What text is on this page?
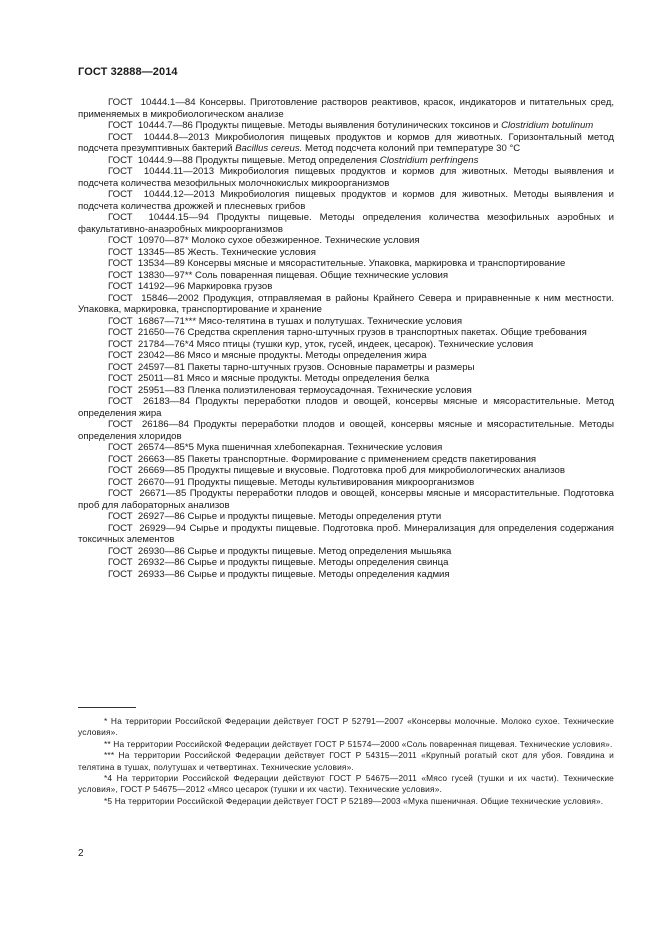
ГОСТ 32888—2014
ГОСТ  10444.1—84 Консервы. Приготовление растворов реактивов, красок, индикаторов и питательных сред, применяемых в микробиологическом анализе
ГОСТ  10444.7—86 Продукты пищевые. Методы выявления ботулинических токсинов и Clostridium botulinum
ГОСТ  10444.8—2013 Микробиология пищевых продуктов и кормов для животных. Горизонтальный метод подсчета презумптивных бактерий Bacillus cereus. Метод подсчета колоний при температуре 30 °С
ГОСТ  10444.9—88 Продукты пищевые. Метод определения Clostridium perfringens
ГОСТ  10444.11—2013 Микробиология пищевых продуктов и кормов для животных. Методы выявления и подсчета количества мезофильных молочнокислых микроорганизмов
ГОСТ  10444.12—2013 Микробиология пищевых продуктов и кормов для животных. Методы выявления и подсчета количества дрожжей и плесневых грибов
ГОСТ  10444.15—94 Продукты пищевые. Методы определения количества мезофильных аэробных и факультативно-анаэробных микроорганизмов
ГОСТ  10970—87* Молоко сухое обезжиренное. Технические условия
ГОСТ  13345—85 Жесть. Технические условия
ГОСТ  13534—89 Консервы мясные и мясорастительные. Упаковка, маркировка и транспортирование
ГОСТ  13830—97** Соль поваренная пищевая. Общие технические условия
ГОСТ  14192—96 Маркировка грузов
ГОСТ  15846—2002 Продукция, отправляемая в районы Крайнего Севера и приравненные к ним местности. Упаковка, маркировка, транспортирование и хранение
ГОСТ  16867—71*** Мясо-телятина в тушах и полутушах. Технические условия
ГОСТ  21650—76 Средства скрепления тарно-штучных грузов в транспортных пакетах. Общие требования
ГОСТ  21784—76*4 Мясо птицы (тушки кур, уток, гусей, индеек, цесарок). Технические условия
ГОСТ  23042—86 Мясо и мясные продукты. Методы определения жира
ГОСТ  24597—81 Пакеты тарно-штучных грузов. Основные параметры и размеры
ГОСТ  25011—81 Мясо и мясные продукты. Методы определения белка
ГОСТ  25951—83 Пленка полиэтиленовая термоусадочная. Технические условия
ГОСТ  26183—84 Продукты переработки плодов и овощей, консервы мясные и мясорастительные. Метод определения жира
ГОСТ  26186—84 Продукты переработки плодов и овощей, консервы мясные и мясорастительные. Методы определения хлоридов
ГОСТ  26574—85*5 Мука пшеничная хлебопекарная. Технические условия
ГОСТ  26663—85 Пакеты транспортные. Формирование с применением средств пакетирования
ГОСТ  26669—85 Продукты пищевые и вкусовые. Подготовка проб для микробиологических анализов
ГОСТ  26670—91 Продукты пищевые. Методы культивирования микроорганизмов
ГОСТ  26671—85 Продукты переработки плодов и овощей, консервы мясные и мясорастительные. Подготовка проб для лабораторных анализов
ГОСТ  26927—86 Сырье и продукты пищевые. Методы определения ртути
ГОСТ  26929—94 Сырье и продукты пищевые. Подготовка проб. Минерализация для определения содержания токсичных элементов
ГОСТ  26930—86 Сырье и продукты пищевые. Метод определения мышьяка
ГОСТ  26932—86 Сырье и продукты пищевые. Методы определения свинца
ГОСТ  26933—86 Сырье и продукты пищевые. Методы определения кадмия
* На территории Российской Федерации действует ГОСТ Р 52791—2007 «Консервы молочные. Молоко сухое. Технические условия».
** На территории Российской Федерации действует ГОСТ Р 51574—2000 «Соль поваренная пищевая. Технические условия».
*** На территории Российской Федерации действует ГОСТ Р 54315—2011 «Крупный рогатый скот для убоя. Говядина и телятина в тушах, полутушах и четвертинах. Технические условия».
*4 На территории Российской Федерации действуют ГОСТ Р 54675—2011 «Мясо гусей (тушки и их части). Технические условия», ГОСТ Р 54675—2012 «Мясо цесарок (тушки и их части). Технические условия».
*5 На территории Российской Федерации действует ГОСТ Р 52189—2003 «Мука пшеничная. Общие технические условия».
2
